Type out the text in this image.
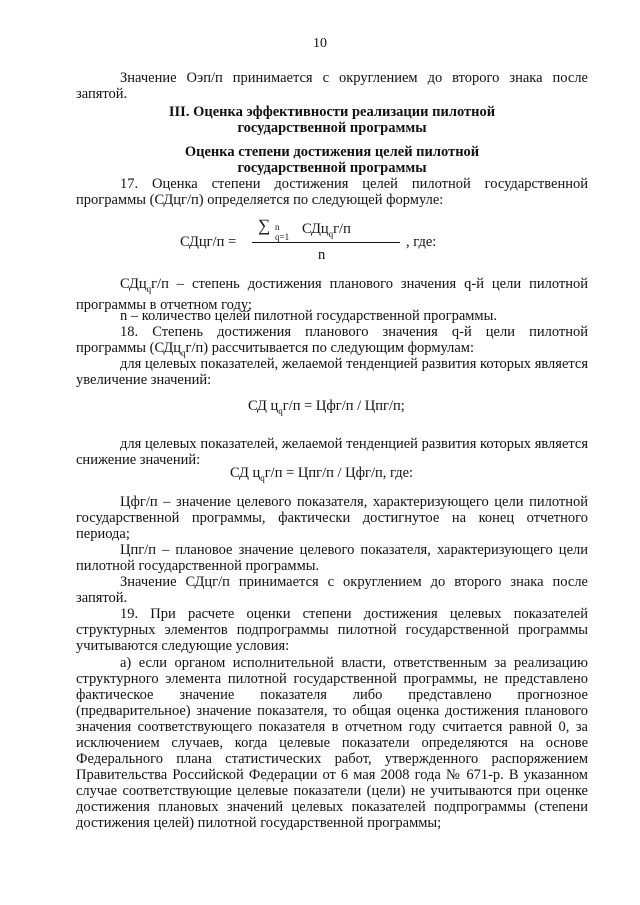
10

Значение Оэп/п принимается с округлением до второго знака после запятой.

III. Оценка эффективности реализации пилотной
государственной программы
Оценка степени достижения целей пилотной
государственной программы

17. Оценка степени достижения целей пилотной государственной программы (СДцг/п) определяется по следующей формуле:

СДцг/п =
∑ n
q=1 СДц$_q$г/п
n
, где:

СДц$_q$г/п – степень достижения планового значения q-й цели пилотной программы в отчетном году;

n – количество целей пилотной государственной программы.

18. Степень достижения планового значения q-й цели пилотной программы (СДц$_q$г/п) рассчитывается по следующим формулам:

для целевых показателей, желаемой тенденцией развития которых является увеличение значений:

СД $ц_qг/п = Цфг/п / Цпг/п$;

для целевых показателей, желаемой тенденцией развития которых является снижение значений:

СД $ц_qг/п = Цпг/п / Цфг/п$, где:

Цфг/п – значение целевого показателя, характеризующего цели пилотной государственной программы, фактически достигнутое на конец отчетного периода;

Цпг/п – плановое значение целевого показателя, характеризующего цели пилотной государственной программы.

Значение СДцг/п принимается с округлением до второго знака после запятой.

19. При расчете оценки степени достижения целевых показателей структурных элементов подпрограммы пилотной государственной программы учитываются следующие условия:

а) если органом исполнительной власти, ответственным за реализацию структурного элемента пилотной государственной программы, не представлено фактическое значение показателя либо представлено прогнозное (предварительное) значение показателя, то общая оценка достижения планового значения соответствующего показателя в отчетном году считается равной 0, за исключением случаев, когда целевые показатели определяются на основе Федерального плана статистических работ, утвержденного распоряжением Правительства Российской Федерации от 6 мая 2008 года № 671-р. В указанном случае соответствующие целевые показатели (цели) не учитываются при оценке достижения плановых значений целевых показателей подпрограммы (степени достижения целей) пилотной государственной программы;
